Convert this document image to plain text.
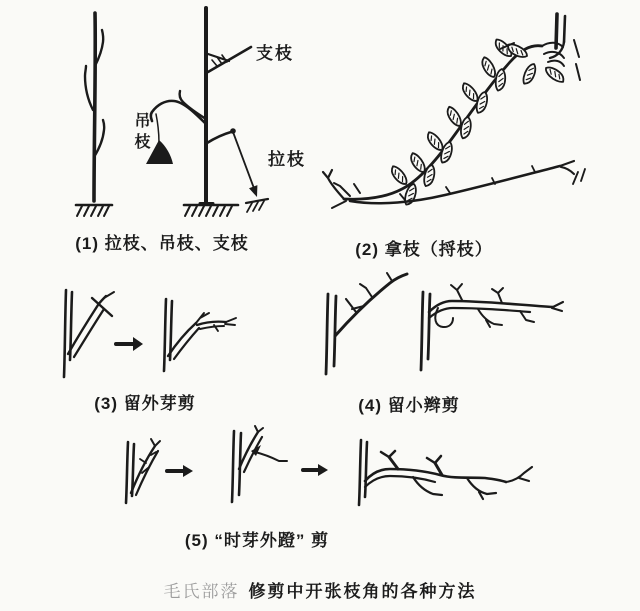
支枝
吊枝
拉枝
(1) 拉枝、吊枝、支枝	(2) 拿枝（捋枝）
(3) 留外芽剪	(4) 留小辫剪
(5) “时芽外蹬” 剪
毛氏部落 修剪中开张枝角的各种方法
